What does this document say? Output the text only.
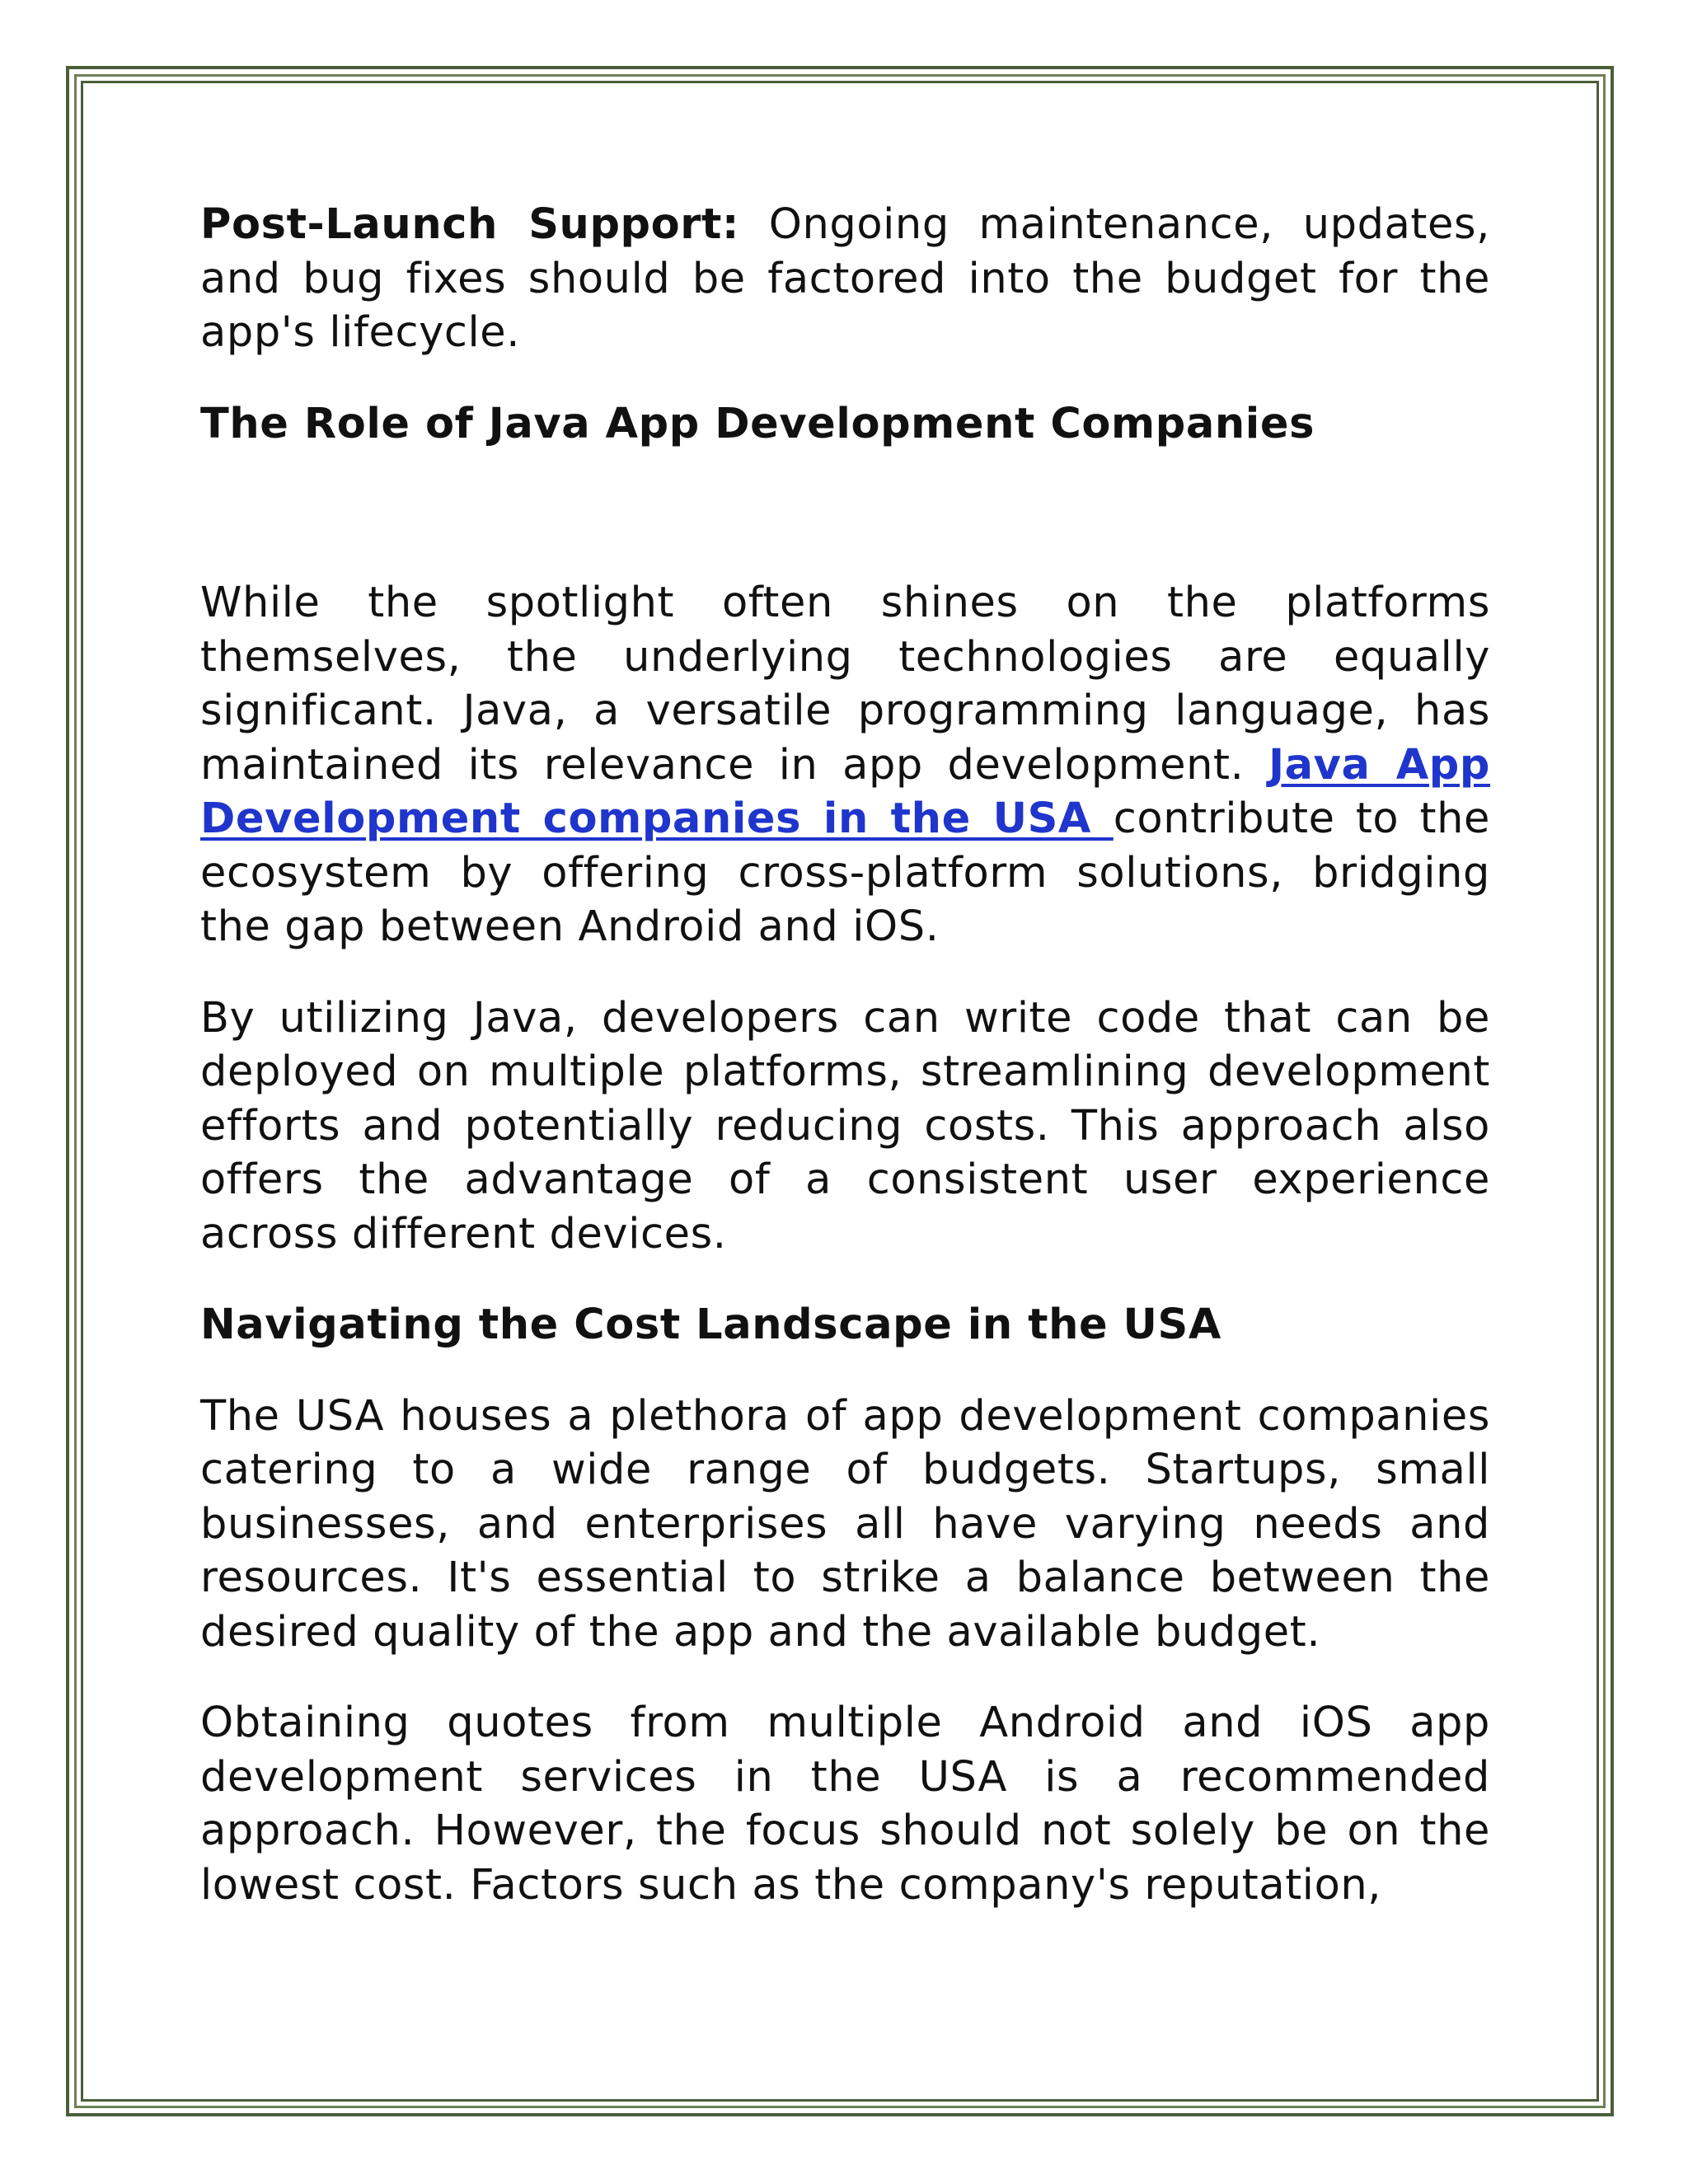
Post-Launch Support: Ongoing maintenance, updates, and bug fixes should be factored into the budget for the app's lifecycle.

The Role of Java App Development Companies

While the spotlight often shines on the platforms themselves, the underlying technologies are equally significant. Java, a versatile programming language, has maintained its relevance in app development. Java App Development companies in the USA contribute to the ecosystem by offering cross-platform solutions, bridging the gap between Android and iOS.

By utilizing Java, developers can write code that can be deployed on multiple platforms, streamlining development efforts and potentially reducing costs. This approach also offers the advantage of a consistent user experience across different devices.

Navigating the Cost Landscape in the USA

The USA houses a plethora of app development companies catering to a wide range of budgets. Startups, small businesses, and enterprises all have varying needs and resources. It's essential to strike a balance between the desired quality of the app and the available budget.

Obtaining quotes from multiple Android and iOS app development services in the USA is a recommended approach. However, the focus should not solely be on the lowest cost. Factors such as the company's reputation,
